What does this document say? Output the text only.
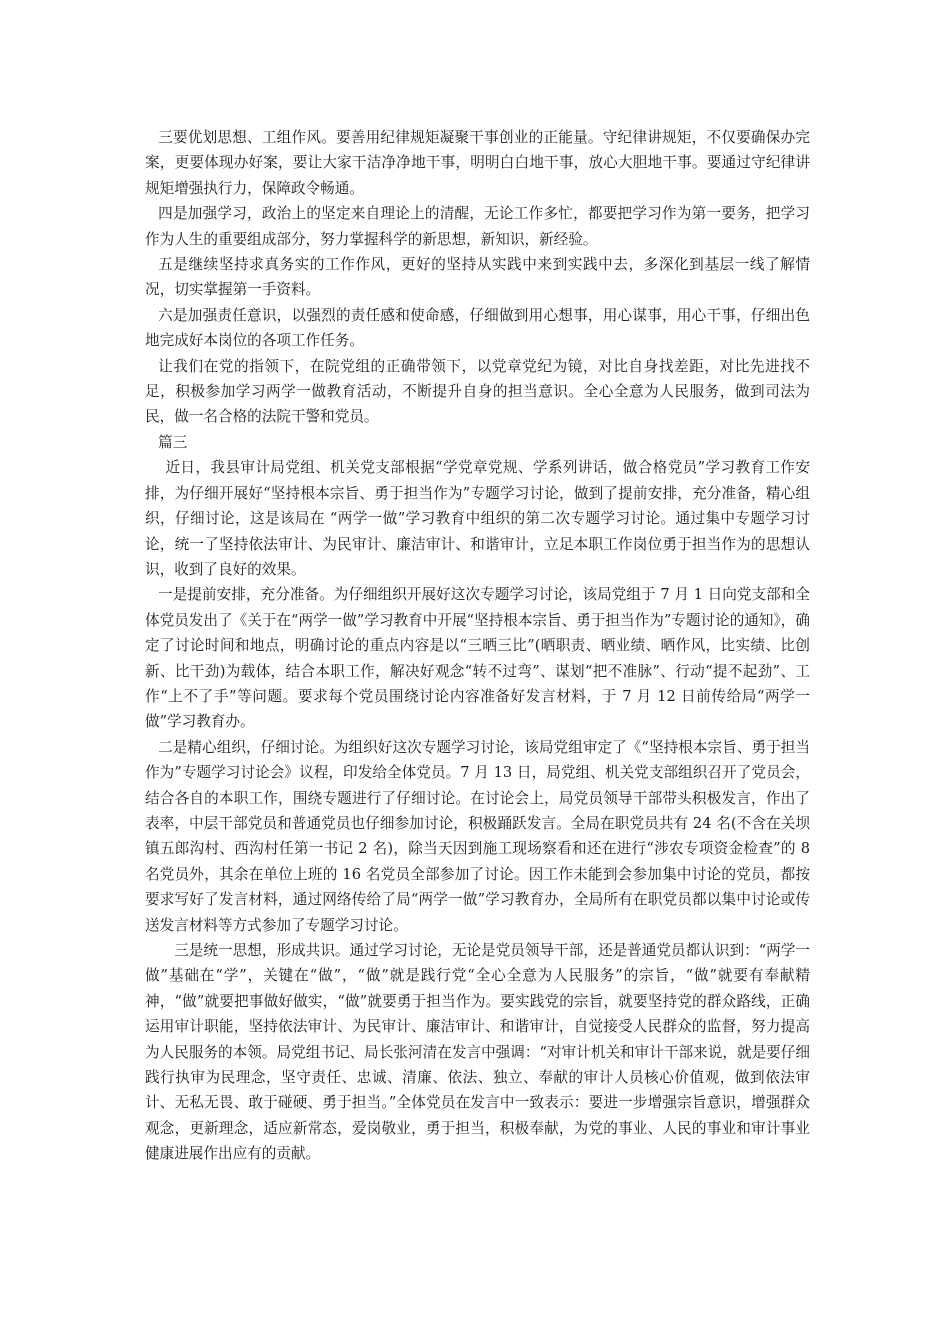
三要优划思想、工组作风。要善用纪律规矩凝聚干事创业的正能量。守纪律讲规矩，不仅要确保办完案，更要体现办好案，要让大家干洁净净地干事，明明白白地干事，放心大胆地干事。要通过守纪律讲规矩增强执行力，保障政令畅通。

四是加强学习，政治上的坚定来自理论上的清醒，无论工作多忙，都要把学习作为第一要务，把学习作为人生的重要组成部分，努力掌握科学的新思想，新知识，新经验。

五是继续坚持求真务实的工作作风，更好的坚持从实践中来到实践中去，多深化到基层一线了解情况，切实掌握第一手资料。

六是加强责任意识，以强烈的责任感和使命感，仔细做到用心想事，用心谋事，用心干事，仔细出色地完成好本岗位的各项工作任务。

让我们在党的指领下，在院党组的正确带领下，以党章党纪为镜，对比自身找差距，对比先进找不足，积极参加学习两学一做教育活动，不断提升自身的担当意识。全心全意为人民服务，做到司法为民，做一名合格的法院干警和党员。

篇三

近日，我县审计局党组、机关党支部根据“学党章党规、学系列讲话，做合格党员”学习教育工作安排，为仔细开展好“坚持根本宗旨、勇于担当作为”专题学习讨论，做到了提前安排，充分准备，精心组织，仔细讨论，这是该局在 “两学一做”学习教育中组织的第二次专题学习讨论。通过集中专题学习讨论，统一了坚持依法审计、为民审计、廉洁审计、和谐审计，立足本职工作岗位勇于担当作为的思想认识，收到了良好的效果。

一是提前安排，充分准备。为仔细组织开展好这次专题学习讨论，该局党组于 7 月 1 日向党支部和全体党员发出了《关于在“两学一做”学习教育中开展“坚持根本宗旨、勇于担当作为”专题讨论的通知》，确定了讨论时间和地点，明确讨论的重点内容是以“三晒三比”(晒职责、晒业绩、晒作风，比实绩、比创新、比干劲)为载体，结合本职工作，解决好观念“转不过弯”、谋划“把不准脉”、行动“提不起劲”、工作“上不了手”等问题。要求每个党员围绕讨论内容准备好发言材料，于 7 月 12 日前传给局“两学一做”学习教育办。

二是精心组织，仔细讨论。为组织好这次专题学习讨论，该局党组审定了《“坚持根本宗旨、勇于担当作为”专题学习讨论会》议程，印发给全体党员。7 月 13 日，局党组、机关党支部组织召开了党员会，结合各自的本职工作，围绕专题进行了仔细讨论。在讨论会上，局党员领导干部带头积极发言，作出了表率，中层干部党员和普通党员也仔细参加讨论，积极踊跃发言。全局在职党员共有 24 名(不含在关坝镇五郎沟村、西沟村任第一书记 2 名)，除当天因到施工现场察看和还在进行“涉农专项资金检查”的 8 名党员外，其余在单位上班的 16 名党员全部参加了讨论。因工作未能到会参加集中讨论的党员，都按要求写好了发言材料，通过网络传给了局“两学一做”学习教育办，全局所有在职党员都以集中讨论或传送发言材料等方式参加了专题学习讨论。

三是统一思想，形成共识。通过学习讨论，无论是党员领导干部，还是普通党员都认识到：“两学一做”基础在“学”，关键在“做”，“做”就是践行党“全心全意为人民服务”的宗旨，“做”就要有奉献精神，“做”就要把事做好做实，“做”就要勇于担当作为。要实践党的宗旨，就要坚持党的群众路线，正确运用审计职能，坚持依法审计、为民审计、廉洁审计、和谐审计，自觉接受人民群众的监督，努力提高为人民服务的本领。局党组书记、局长张河清在发言中强调：“对审计机关和审计干部来说，就是要仔细践行执审为民理念，坚守责任、忠诚、清廉、依法、独立、奉献的审计人员核心价值观，做到依法审计、无私无畏、敢于碰硬、勇于担当。”全体党员在发言中一致表示：要进一步增强宗旨意识，增强群众观念，更新理念，适应新常态，爱岗敬业，勇于担当，积极奉献，为党的事业、人民的事业和审计事业健康进展作出应有的贡献。
